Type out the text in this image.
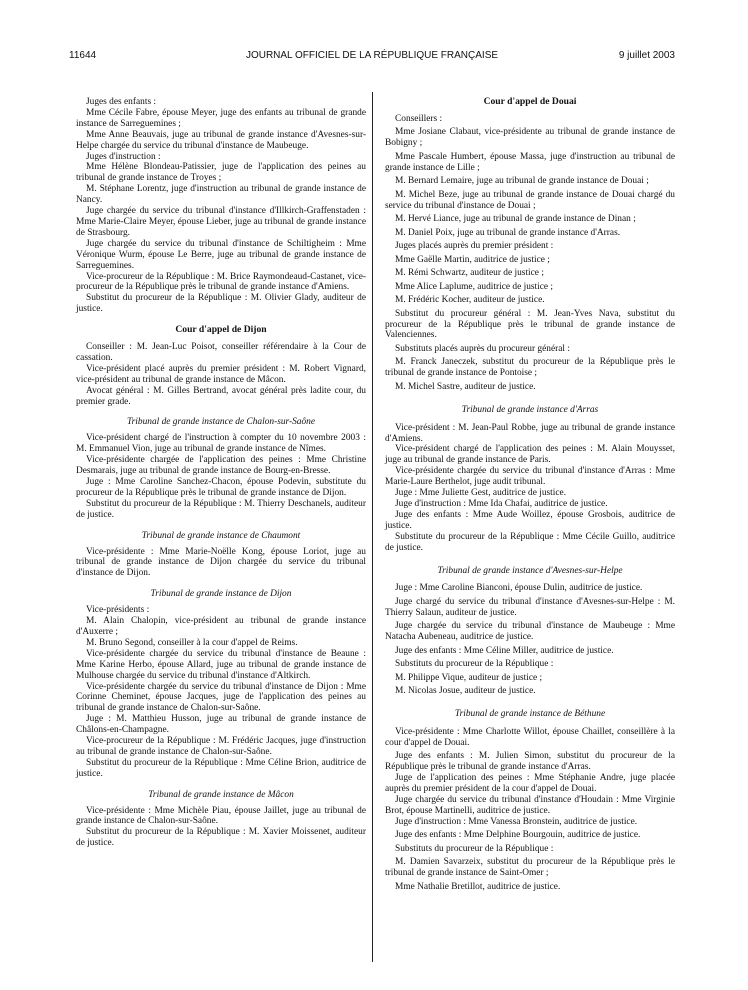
JOURNAL OFFICIEL DE LA RÉPUBLIQUE FRANÇAISE
11644	9 juillet 2003

Juges des enfants :

Mme Cécile Fabre, épouse Meyer, juge des enfants au tribunal de grande instance de Sarreguemines ;

Mme Anne Beauvais, juge au tribunal de grande instance d'Avesnes-sur-Helpe chargée du service du tribunal d'instance de Maubeuge.

Juges d'instruction :

Mme Hélène Blondeau-Patissier, juge de l'application des peines au tribunal de grande instance de Troyes ;

M. Stéphane Lorentz, juge d'instruction au tribunal de grande instance de Nancy.

Juge chargée du service du tribunal d'instance d'Illkirch-Graffenstaden : Mme Marie-Claire Meyer, épouse Lieber, juge au tribunal de grande instance de Strasbourg.

Juge chargée du service du tribunal d'instance de Schiltigheim : Mme Véronique Wurm, épouse Le Berre, juge au tribunal de grande instance de Sarreguemines.

Vice-procureur de la République : M. Brice Raymondeaud-Castanet, vice-procureur de la République près le tribunal de grande instance d'Amiens.

Substitut du procureur de la République : M. Olivier Glady, auditeur de justice.

Cour d'appel de Dijon

Conseiller : M. Jean-Luc Poisot, conseiller référendaire à la Cour de cassation.

Vice-président placé auprès du premier président : M. Robert Vignard, vice-président au tribunal de grande instance de Mâcon.

Avocat général : M. Gilles Bertrand, avocat général près ladite cour, du premier grade.

Tribunal de grande instance de Chalon-sur-Saône

Vice-président chargé de l'instruction à compter du 10 novembre 2003 : M. Emmanuel Vion, juge au tribunal de grande instance de Nîmes.

Vice-présidente chargée de l'application des peines : Mme Christine Desmarais, juge au tribunal de grande instance de Bourg-en-Bresse.

Juge : Mme Caroline Sanchez-Chacon, épouse Podevin, substitute du procureur de la République près le tribunal de grande instance de Dijon.

Substitut du procureur de la République : M. Thierry Deschanels, auditeur de justice.

Tribunal de grande instance de Chaumont

Vice-présidente : Mme Marie-Noëlle Kong, épouse Loriot, juge au tribunal de grande instance de Dijon chargée du service du tribunal d'instance de Dijon.

Tribunal de grande instance de Dijon

Vice-présidents :

M. Alain Chalopin, vice-président au tribunal de grande instance d'Auxerre ;

M. Bruno Segond, conseiller à la cour d'appel de Reims.

Vice-présidente chargée du service du tribunal d'instance de Beaune : Mme Karine Herbo, épouse Allard, juge au tribunal de grande instance de Mulhouse chargée du service du tribunal d'instance d'Altkirch.

Vice-présidente chargée du service du tribunal d'instance de Dijon : Mme Corinne Cheminet, épouse Jacques, juge de l'application des peines au tribunal de grande instance de Chalon-sur-Saône.

Juge : M. Matthieu Husson, juge au tribunal de grande instance de Châlons-en-Champagne.

Vice-procureur de la République : M. Frédéric Jacques, juge d'instruction au tribunal de grande instance de Chalon-sur-Saône.

Substitut du procureur de la République : Mme Céline Brion, auditrice de justice.

Tribunal de grande instance de Mâcon

Vice-présidente : Mme Michèle Piau, épouse Jaillet, juge au tribunal de grande instance de Chalon-sur-Saône.

Substitut du procureur de la République : M. Xavier Moissenet, auditeur de justice.

Cour d'appel de Douai

Conseillers :

Mme Josiane Clabaut, vice-présidente au tribunal de grande instance de Bobigny ;

Mme Pascale Humbert, épouse Massa, juge d'instruction au tribunal de grande instance de Lille ;

M. Bernard Lemaire, juge au tribunal de grande instance de Douai ;

M. Michel Beze, juge au tribunal de grande instance de Douai chargé du service du tribunal d'instance de Douai ;

M. Hervé Liance, juge au tribunal de grande instance de Dinan ;

M. Daniel Poix, juge au tribunal de grande instance d'Arras.

Juges placés auprès du premier président :

Mme Gaëlle Martin, auditrice de justice ;

M. Rémi Schwartz, auditeur de justice ;

Mme Alice Laplume, auditrice de justice ;

M. Frédéric Kocher, auditeur de justice.

Substitut du procureur général : M. Jean-Yves Nava, substitut du procureur de la République près le tribunal de grande instance de Valenciennes.

Substituts placés auprès du procureur général :

M. Franck Janeczek, substitut du procureur de la République près le tribunal de grande instance de Pontoise ;

M. Michel Sastre, auditeur de justice.

Tribunal de grande instance d'Arras

Vice-président : M. Jean-Paul Robbe, juge au tribunal de grande instance d'Amiens.

Vice-président chargé de l'application des peines : M. Alain Mouysset, juge au tribunal de grande instance de Paris.

Vice-présidente chargée du service du tribunal d'instance d'Arras : Mme Marie-Laure Berthelot, juge audit tribunal.

Juge : Mme Juliette Gest, auditrice de justice.

Juge d'instruction : Mme Ida Chafai, auditrice de justice.

Juge des enfants : Mme Aude Woillez, épouse Grosbois, auditrice de justice.

Substitute du procureur de la République : Mme Cécile Guillo, auditrice de justice.

Tribunal de grande instance d'Avesnes-sur-Helpe

Juge : Mme Caroline Bianconi, épouse Dulin, auditrice de justice.

Juge chargé du service du tribunal d'instance d'Avesnes-sur-Helpe : M. Thierry Salaun, auditeur de justice.

Juge chargée du service du tribunal d'instance de Maubeuge : Mme Natacha Aubeneau, auditrice de justice.

Juge des enfants : Mme Céline Miller, auditrice de justice.

Substituts du procureur de la République :

M. Philippe Vique, auditeur de justice ;

M. Nicolas Josue, auditeur de justice.

Tribunal de grande instance de Béthune

Vice-présidente : Mme Charlotte Willot, épouse Chaillet, conseillère à la cour d'appel de Douai.

Juge des enfants : M. Julien Simon, substitut du procureur de la République près le tribunal de grande instance d'Arras.

Juge de l'application des peines : Mme Stéphanie Andre, juge placée auprès du premier président de la cour d'appel de Douai.

Juge chargée du service du tribunal d'instance d'Houdain : Mme Virginie Brot, épouse Martinelli, auditrice de justice.

Juge d'instruction : Mme Vanessa Bronstein, auditrice de justice.

Juge des enfants : Mme Delphine Bourgouin, auditrice de justice.

Substituts du procureur de la République :

M. Damien Savarzeix, substitut du procureur de la République près le tribunal de grande instance de Saint-Omer ;

Mme Nathalie Bretillot, auditrice de justice.
